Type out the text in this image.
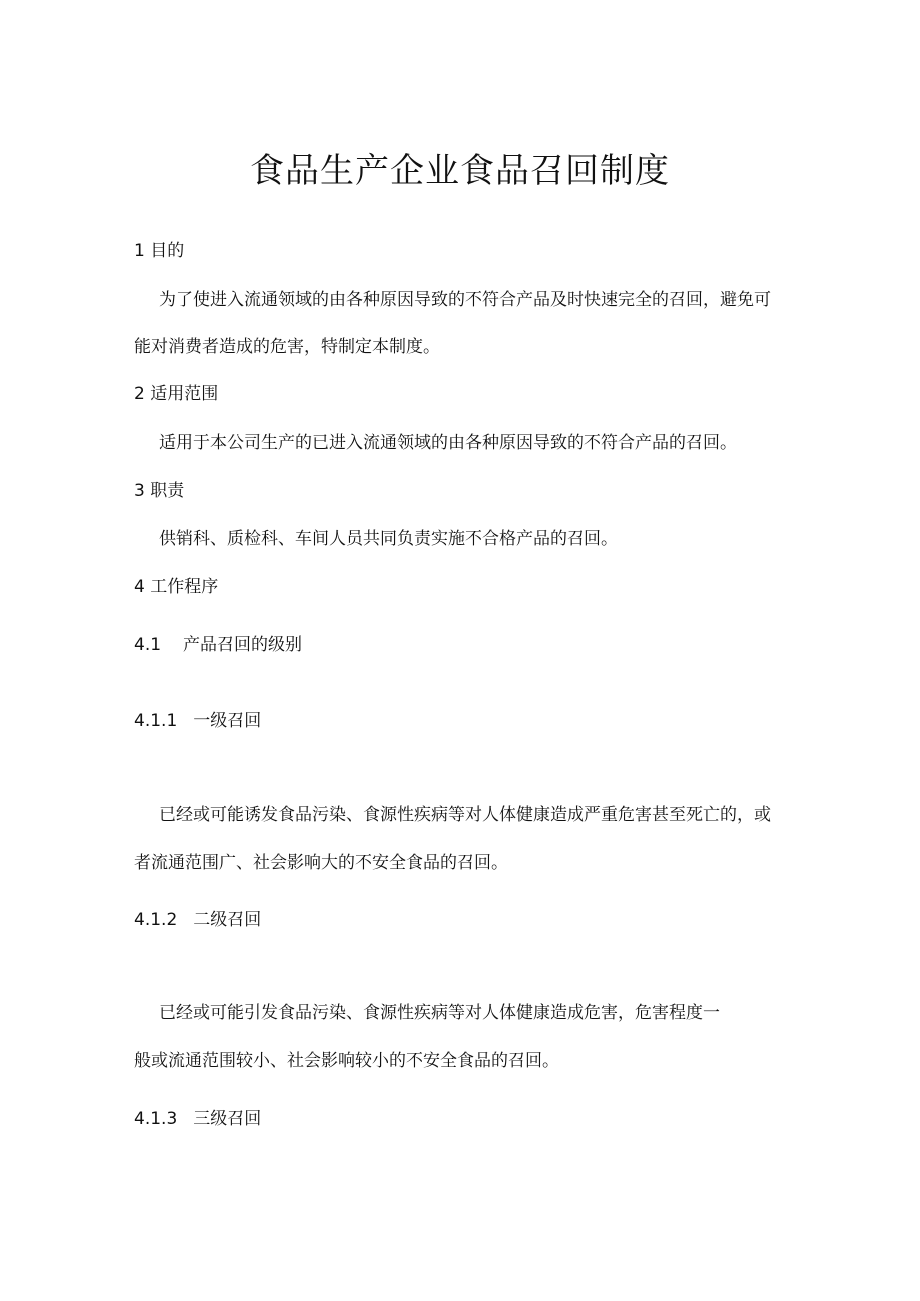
食品生产企业食品召回制度
1 目的
为了使进入流通领域的由各种原因导致的不符合产品及时快速完全的召回，避免可
能对消费者造成的危害，特制定本制度。
2 适用范围
适用于本公司生产的已进入流通领域的由各种原因导致的不符合产品的召回。
3 职责
供销科、质检科、车间人员共同负责实施不合格产品的召回。
4 工作程序
4.1 产品召回的级别
4.1.1 一级召回
已经或可能诱发食品污染、食源性疾病等对人体健康造成严重危害甚至死亡的，或
者流通范围广、社会影响大的不安全食品的召回。
4.1.2 二级召回
已经或可能引发食品污染、食源性疾病等对人体健康造成危害，危害程度一
般或流通范围较小、社会影响较小的不安全食品的召回。
4.1.3 三级召回
